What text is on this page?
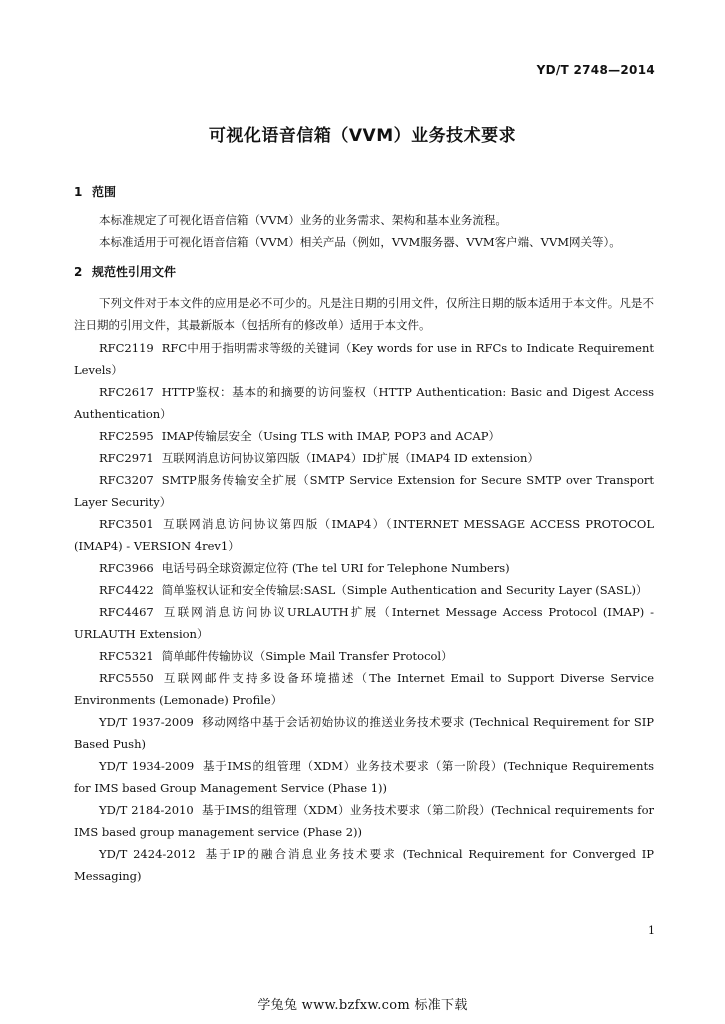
YD/T 2748—2014
可视化语音信箱（VVM）业务技术要求
1 范围

本标准规定了可视化语音信箱（VVM）业务的业务需求、架构和基本业务流程。

本标准适用于可视化语音信箱（VVM）相关产品（例如，VVM服务器、VVM客户端、VVM网关等）。

2 规范性引用文件

下列文件对于本文件的应用是必不可少的。凡是注日期的引用文件，仅所注日期的版本适用于本文件。凡是不注日期的引用文件，其最新版本（包括所有的修改单）适用于本文件。

RFC2119 RFC中用于指明需求等级的关键词（Key words for use in RFCs to Indicate Requirement Levels）

RFC2617 HTTP鉴权：基本的和摘要的访问鉴权（HTTP Authentication: Basic and Digest Access Authentication）

RFC2595 IMAP传输层安全（Using TLS with IMAP, POP3 and ACAP）

RFC2971 互联网消息访问协议第四版（IMAP4）ID扩展（IMAP4 ID extension）

RFC3207 SMTP服务传输安全扩展（SMTP Service Extension for Secure SMTP over Transport Layer Security）

RFC3501 互联网消息访问协议第四版（IMAP4）（INTERNET MESSAGE ACCESS PROTOCOL (IMAP4) - VERSION 4rev1）

RFC3966 电话号码全球资源定位符 (The tel URI for Telephone Numbers)

RFC4422 简单鉴权认证和安全传输层:SASL（Simple Authentication and Security Layer (SASL)）

RFC4467 互联网消息访问协议URLAUTH扩展（Internet Message Access Protocol (IMAP) - URLAUTH Extension）

RFC5321 简单邮件传输协议（Simple Mail Transfer Protocol）

RFC5550 互联网邮件支持多设备环境描述（The Internet Email to Support Diverse Service Environments (Lemonade) Profile）

YD/T 1937-2009 移动网络中基于会话初始协议的推送业务技术要求 (Technical Requirement for SIP Based Push)

YD/T 1934-2009 基于IMS的组管理（XDM）业务技术要求（第一阶段）(Technique Requirements for IMS based Group Management Service (Phase 1))

YD/T 2184-2010 基于IMS的组管理（XDM）业务技术要求（第二阶段）(Technical requirements for IMS based group management service (Phase 2))

YD/T 2424-2012 基于IP的融合消息业务技术要求 (Technical Requirement for Converged IP Messaging)

1
学兔兔 www.bzfxw.com 标准下载
